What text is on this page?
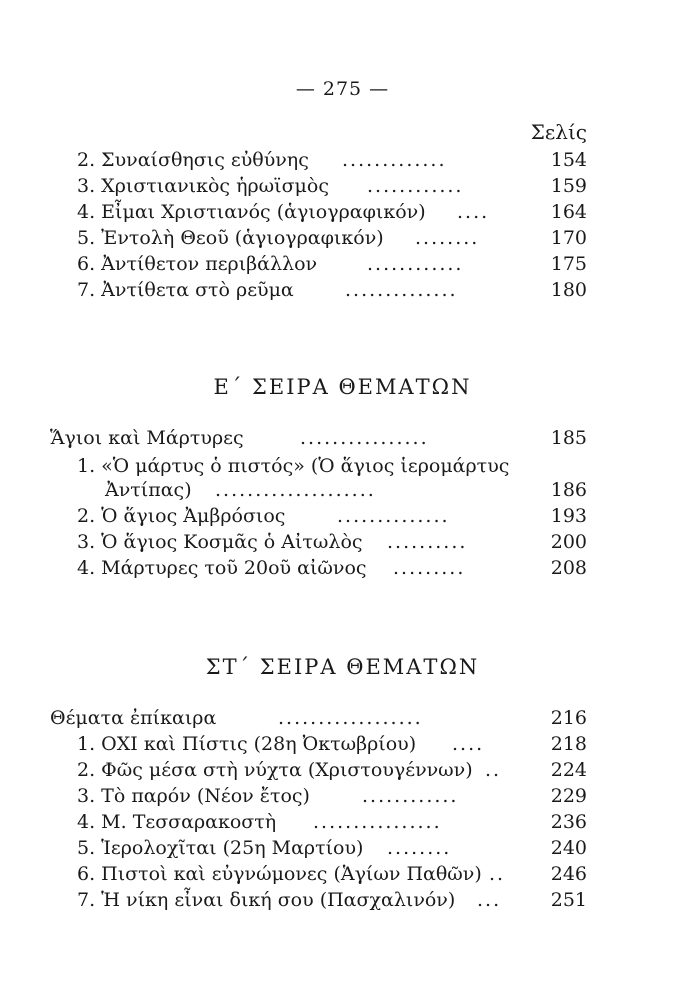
— 275 —
Σελίς
2. Συναίσθησις εὐθύνης .............	154
3. Χριστιανικὸς ἡρωϊσμὸς ............	159
4. Εἶμαι Χριστιανός (ἁγιογραφικόν) ....	164
5. Ἐντολὴ Θεοῦ (ἁγιογραφικόν) ........	170
6. Ἀντίθετον περιβάλλον	............	175
7. Ἀντίθετα στὸ ρεῦμα	..............	180
Ε΄ ΣΕΙΡΑ ΘΕΜΑΤΩΝ
Ἅγιοι καὶ Μάρτυρες	................	185
1. «Ὁ μάρτυς ὁ πιστός» (Ὁ ἅγιος ἱερομάρτυς
Ἀντίπας) ....................	186
2. Ὁ ἅγιος Ἀμβρόσιος	..............	193
3. Ὁ ἅγιος Κοσμᾶς ὁ Αἰτωλὸς ..........	200
4. Μάρτυρες τοῦ 20οῦ αἰῶνος .........	208
ΣΤ΄ ΣΕΙΡΑ ΘΕΜΑΤΩΝ
Θέματα ἐπίκαιρα	..................	216
1. ΟΧΙ καὶ Πίστις (28η Ὀκτωβρίου) ....	218
2. Φῶς μέσα στὴ νύχτα (Χριστουγέννων) ..	224
3. Τὸ παρόν (Νέον ἔτος)	............	229
4. Μ. Τεσσαρακοστὴ ................	236
5. Ἱερολοχῖται (25η Μαρτίου) ........	240
6. Πιστοὶ καὶ εὐγνώμονες (Ἁγίων Παθῶν) ..	246
7. Ἡ νίκη εἶναι δική σου (Πασχαλινόν) ...	251
